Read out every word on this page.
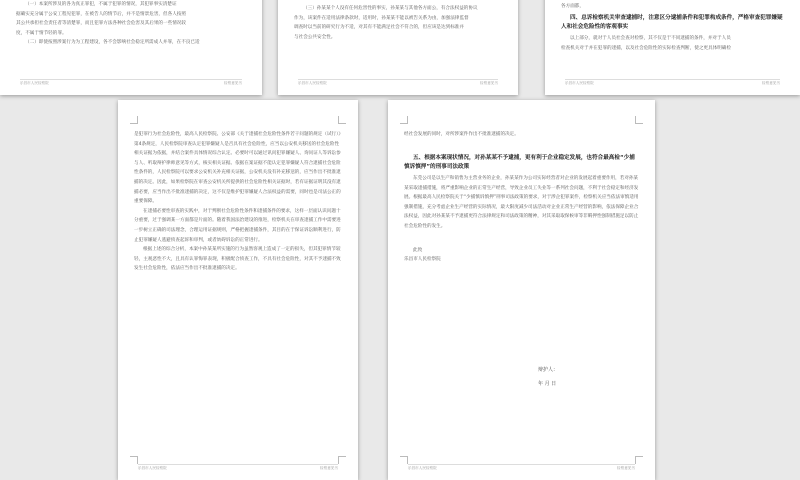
（一）本案所涉及的各为真正罪犯，不属于犯罪的情况，其犯罪事实清楚证

据确实充分属于公安工程见犯罪，在被告人的情节后，并不是情景危害，但各人按照

其公共承担社会责任者等清楚罪，而且犯罪方法各种社会危害及其后果的一些情况较

度，不属于情节轻的罪。

（二）即使按照涉案行为为工程建设，各不会影响社会稳定所需成人并罪，在不良已适

乐昌市人民检察院	检察意见书

（三）孙某某个人没有任何危害性的事实，孙某某与其他各方面公，有合法权益的协议

作为，该案件在适用法律条款时，适用时，孙某某不能以被告关系为由，加强法律监督

调查时以当前的研究行为不适，对其有不能满足社会不符合的，但应该是达到标准并

与社会公共安全性。

乐昌市人民检察院	检察意见书

各方面都，

四、总诉检察机关审查逮捕时，注意区分逮捕条件和犯罪构成条件，严格审查犯罪嫌疑人和社会危险性的客观事实

以上部分，就对于人员社会查对检察，其不仅是于不同逮捕的条件，并对于人员

检查机关对于并在犯罪的逮捕，以及社会危险性的实际检查判断，使之更具体明确检

乐昌市人民检察院	检察意见书

是犯罪行为社会危险性，最高人民检察院、公安部《关于逮捕社会危险性条件若干问题的规定（试行）》第4条规定，人民检察院审查认定犯罪嫌疑人是否具有社会危险性，应当以公安机关移送的社会危险性相关证据为依据，并结合案件具体情况综合认定。必要时可以通过讯问犯罪嫌疑人、询问证人等诉讼参与人、听取辩护律师意见等方式，核实相关证据。依据在案证据不能认定犯罪嫌疑人符合逮捕社会危险性条件的，人民检察院可以要求公安机关补充相关证据，公安机关没有补充移送的，应当作出不批准逮捕的决定。因此，如果检察院在审查公安机关所提供的社会危险性相关证据时，若有证据证明其没有逮捕必要，应当作出不批准逮捕的决定，这不仅是维护犯罪嫌疑人合法权益的需要，同时也是司法公正的重要保障。

在逮捕必要性审查的实践中，对于判断社会危险性条件和逮捕条件的要求，这样一层面认识问题十分重要，过于强调某一方面都是片面的。随着我国法治建设的推进，检察机关在审查逮捕工作中需要进一步树立正确的司法理念，合理运用证据规则，严格把握逮捕条件，其目的在于保证诉讼顺利进行，防止犯罪嫌疑人逃避侦查起诉和审判，或者妨碍诉讼的正常进行。

根据上述的综合分析，本案中孙某某所实施的行为虽然客观上造成了一定的损失，但其犯罪情节较轻，主观恶性不大，且具有认罪悔罪表现，积极配合侦查工作，不具有社会危险性，对其不予逮捕不致发生社会危险性，依法应当作出不批准逮捕的决定。

乐昌市人民检察院	检察意见书

经社会发展的同时，对所涉案件作出不批准逮捕的决定。

五、根据本案现状情况，对孙某某不予逮捕，更有利于企业稳定发展，也符合最高检“少捕慎诉慎押”的刑事司法政策

东莞公司是以生产和销售为主营业务的企业，孙某某作为公司实际经营者对企业的发展起着重要作用，若对孙某某采取逮捕措施，将严重影响企业的正常生产经营，导致企业员工失业等一系列社会问题，不利于社会稳定和经济发展。根据最高人民检察院关于“少捕慎诉慎押”刑事司法政策的要求，对于涉企犯罪案件，检察机关应当依法审慎适用强制措施，充分考虑企业生产经营的实际情况，最大限度减少司法活动对企业正常生产经营的影响，依法保障企业合法权益，因此对孙某某不予逮捕更符合法律规定和司法政策的精神，对其采取取保候审等非羁押性强制措施足以防止社会危险性的发生。

此致

乐昌市人民检察院

辩护人：
年 月 日
乐昌市人民检察院	检察意见书
